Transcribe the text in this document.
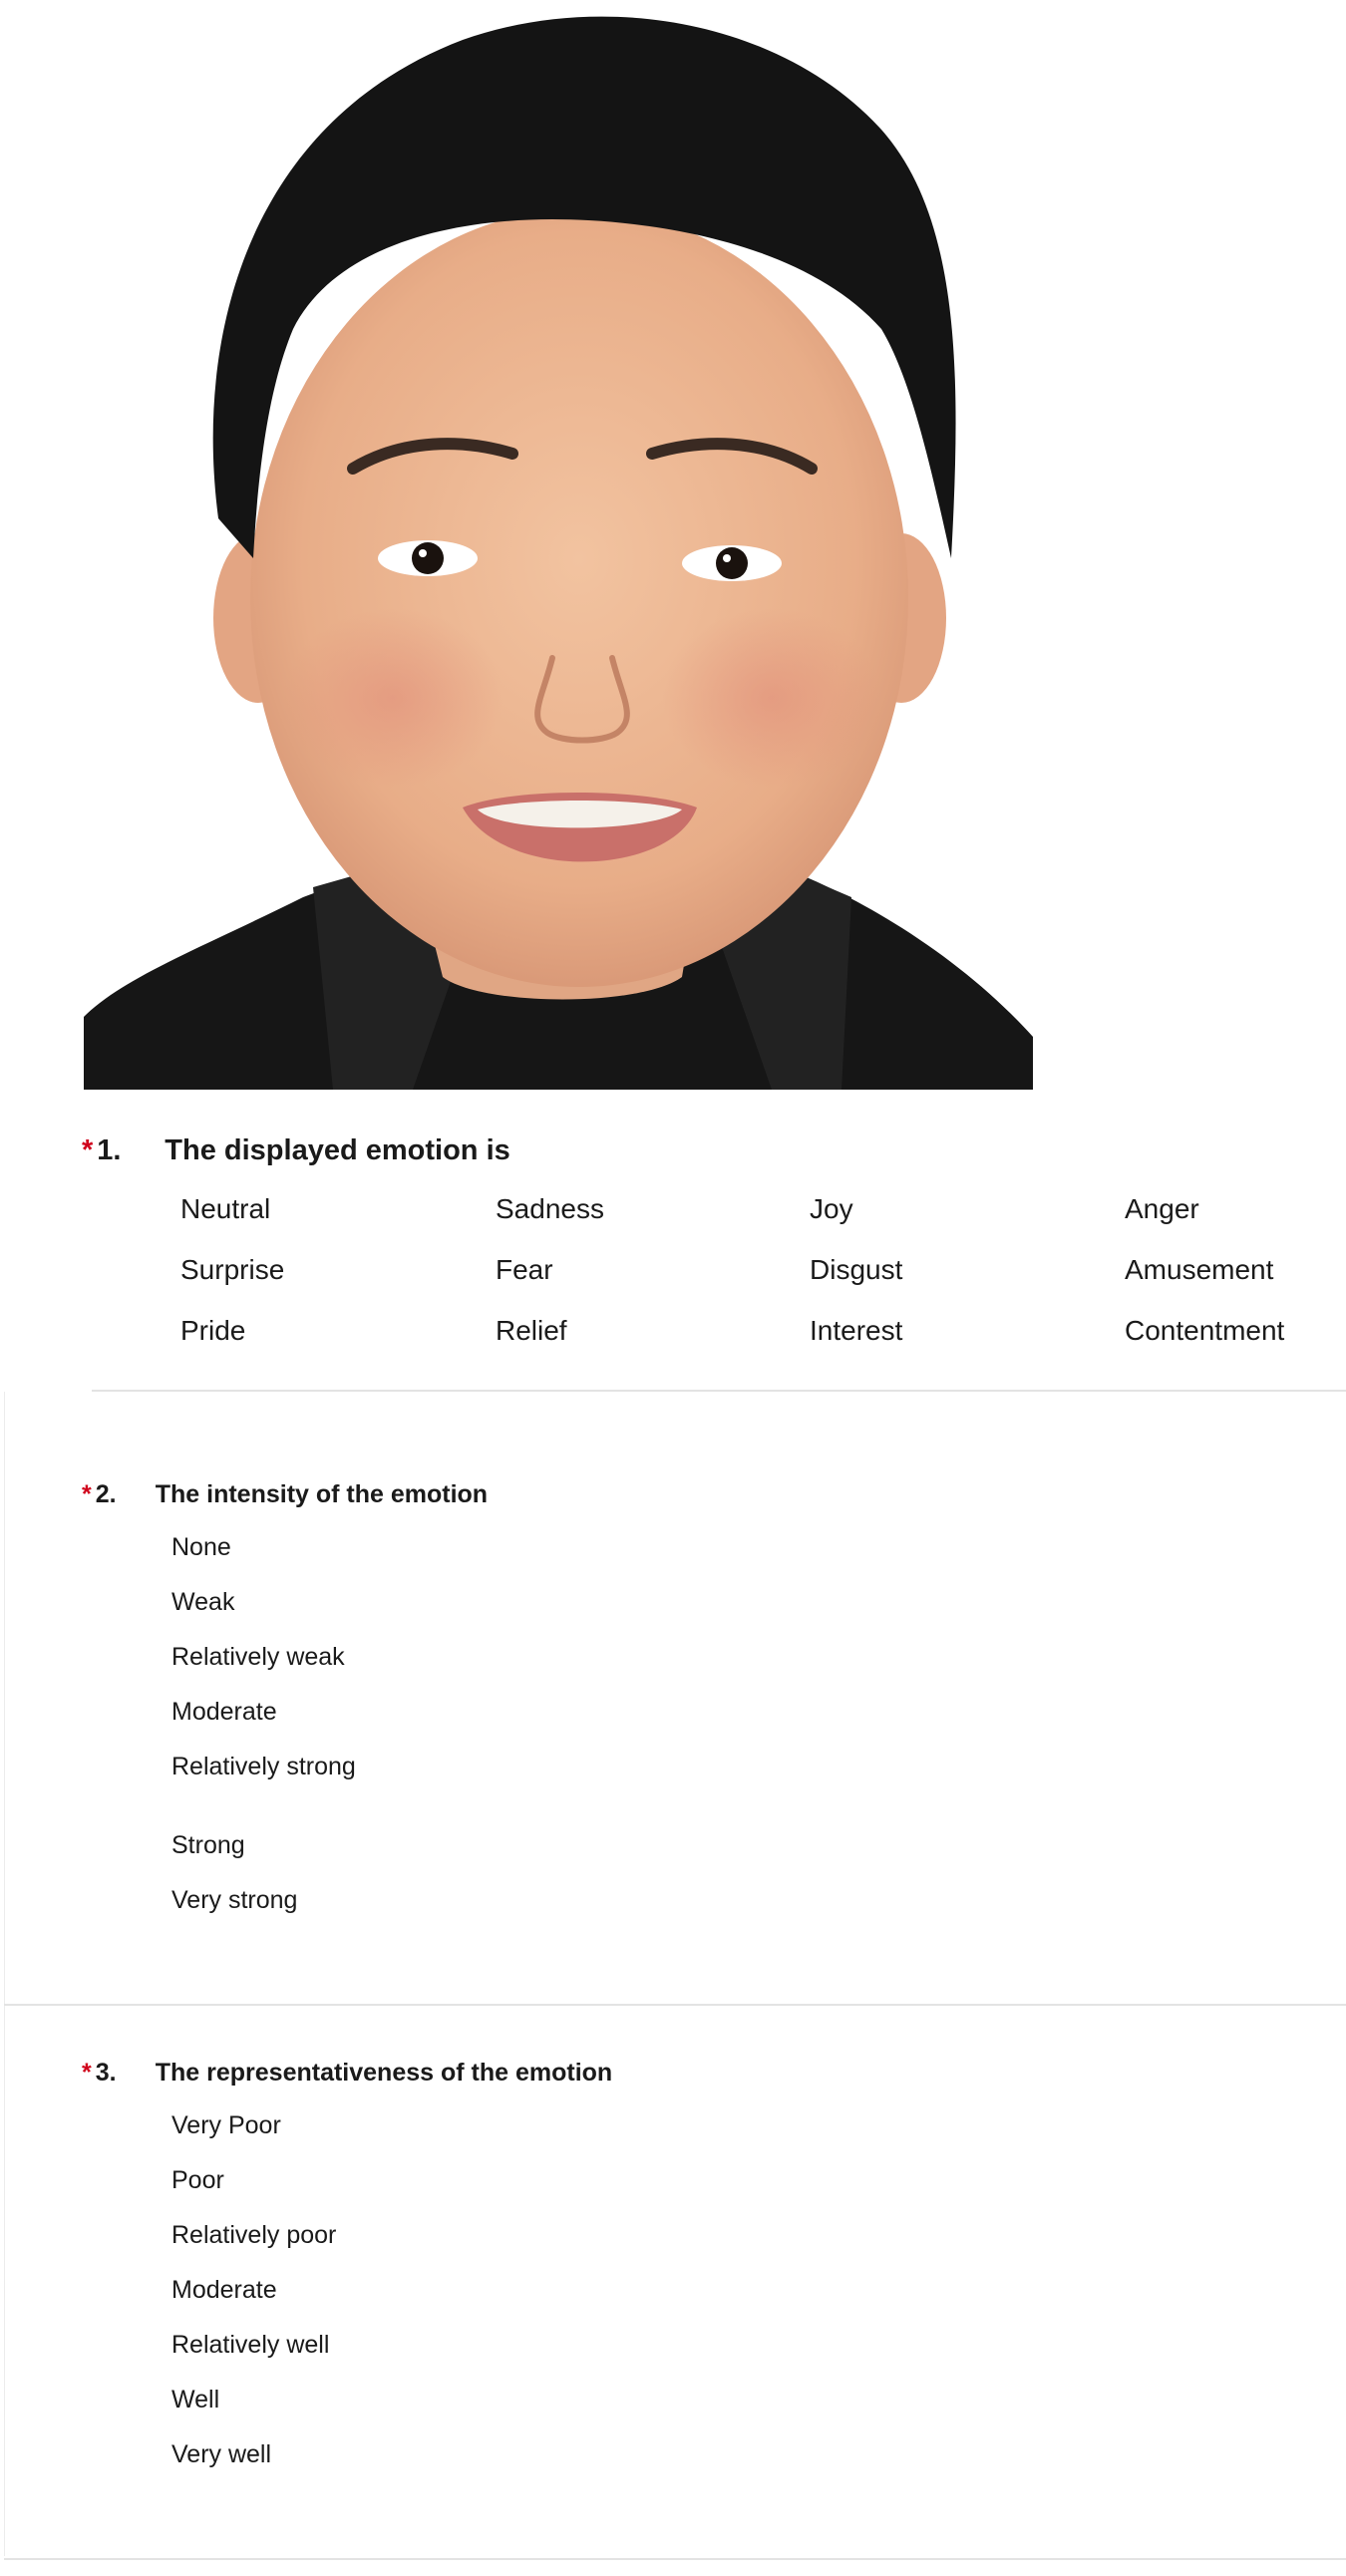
* 1. The displayed emotion is
Neutral	Sadness	Joy	Anger
Surprise	Fear	Disgust	Amusement
Pride	Relief	Interest	Contentment
* 2. The intensity of the emotion
None
Weak
Relatively weak
Moderate
Relatively strong
Strong
Very strong
* 3. The representativeness of the emotion
Very Poor
Poor
Relatively poor
Moderate
Relatively well
Well
Very well
